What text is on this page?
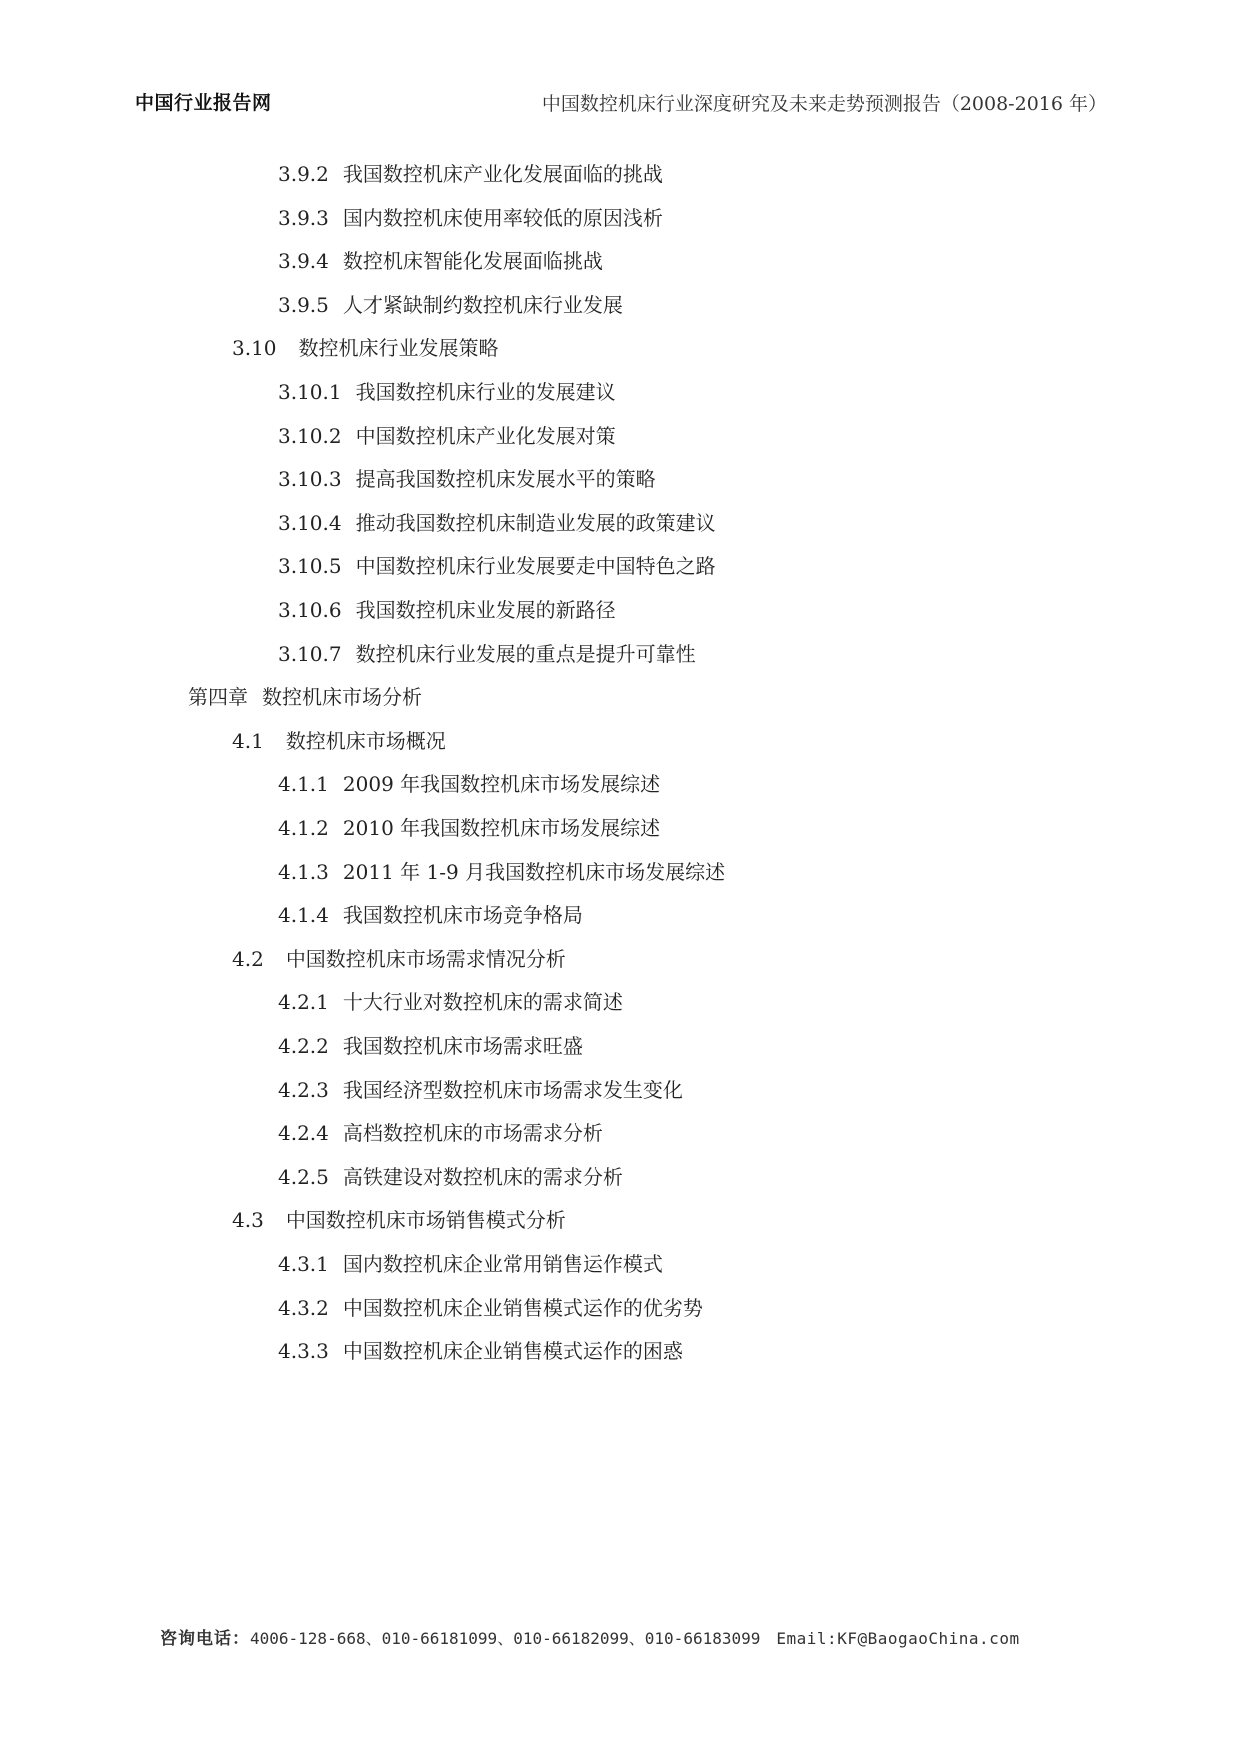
中国行业报告网	中国数控机床行业深度研究及未来走势预测报告（2008-2016 年）
3.9.2 我国数控机床产业化发展面临的挑战
3.9.3 国内数控机床使用率较低的原因浅析
3.9.4 数控机床智能化发展面临挑战
3.9.5 人才紧缺制约数控机床行业发展
3.10 数控机床行业发展策略
3.10.1 我国数控机床行业的发展建议
3.10.2 中国数控机床产业化发展对策
3.10.3 提高我国数控机床发展水平的策略
3.10.4 推动我国数控机床制造业发展的政策建议
3.10.5 中国数控机床行业发展要走中国特色之路
3.10.6 我国数控机床业发展的新路径
3.10.7 数控机床行业发展的重点是提升可靠性
第四章 数控机床市场分析
4.1 数控机床市场概况
4.1.1 2009 年我国数控机床市场发展综述
4.1.2 2010 年我国数控机床市场发展综述
4.1.3 2011 年 1-9 月我国数控机床市场发展综述
4.1.4 我国数控机床市场竞争格局
4.2 中国数控机床市场需求情况分析
4.2.1 十大行业对数控机床的需求简述
4.2.2 我国数控机床市场需求旺盛
4.2.3 我国经济型数控机床市场需求发生变化
4.2.4 高档数控机床的市场需求分析
4.2.5 高铁建设对数控机床的需求分析
4.3 中国数控机床市场销售模式分析
4.3.1 国内数控机床企业常用销售运作模式
4.3.2 中国数控机床企业销售模式运作的优劣势
4.3.3 中国数控机床企业销售模式运作的困惑
咨询电话：4006-128-668、010-66181099、010-66182099、010-66183099 Email:KF@BaogaoChina.com
